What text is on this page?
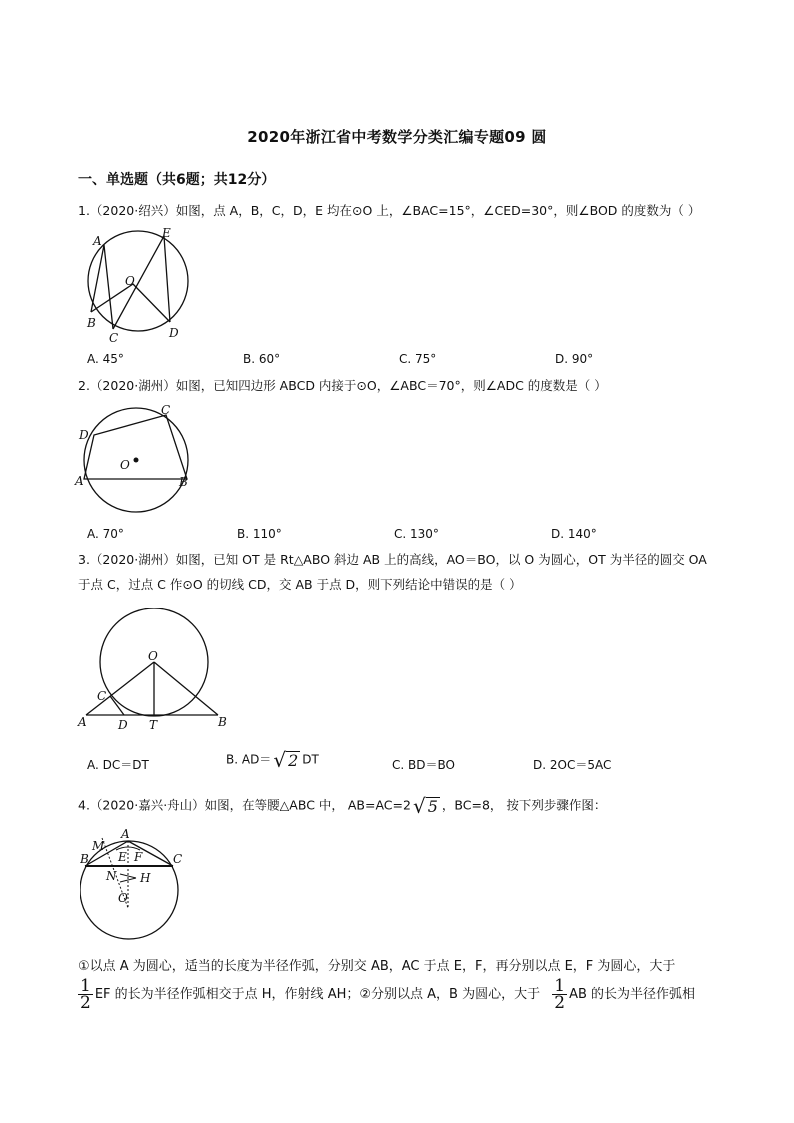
2020年浙江省中考数学分类汇编专题09 圆
一、单选题（共6题；共12分）
1.（2020·绍兴）如图，点 A，B，C，D，E 均在⊙O 上，∠BAC=15°，∠CED=30°，则∠BOD 的度数为（ ）
A
E
O
B
C	D
A. 45°	B. 60°	C. 75°	D. 90°
2.（2020·湖州）如图，已知四边形 ABCD 内接于⊙O，∠ABC＝70°，则∠ADC 的度数是（ ）
C
D
O
A	B
A. 70°	B. 110°	C. 130°	D. 140°
3.（2020·湖州）如图，已知 OT 是 Rt△ABO 斜边 AB 上的高线，AO＝BO，以 O 为圆心，OT 为半径的圆交 OA
于点 C，过点 C 作⊙O 的切线 CD，交 AB 于点 D，则下列结论中错误的是（ ）
O
C
A	D T	B
A. DC＝DT	B. AD＝ √ 2 DT	C. BD＝BO	D. 2OC＝5AC
4.（2020·嘉兴·舟山）如图，在等腰△ABC 中， AB=AC=2 √ 5 ，BC=8， 按下列步骤作图：
A
M
E F
B	C
N H
O
①以点 A 为圆心，适当的长度为半径作弧，分别交 AB，AC 于点 E，F，再分别以点 E，F 为圆心，大于
$\frac{1}{2}$ EF 的长为半径作弧相交于点 H，作射线 AH；②分别以点 A，B 为圆心，大于 $\frac{1}{2}$ AB 的长为半径作弧相
